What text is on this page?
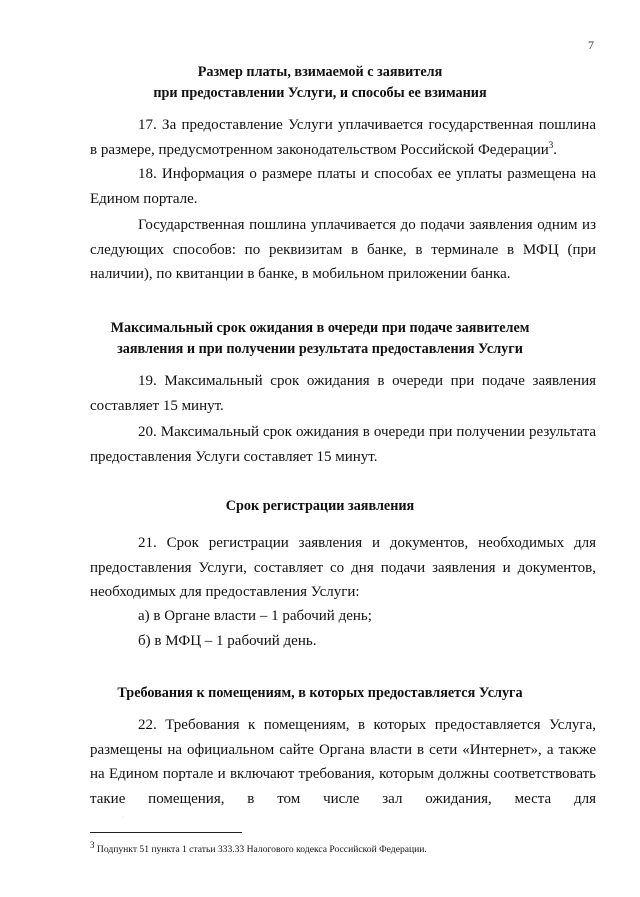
7
Размер платы, взимаемой с заявителя
при предоставлении Услуги, и способы ее взимания

17. За предоставление Услуги уплачивается государственная пошлина в размере, предусмотренном законодательством Российской Федерации$^3$.

18. Информация о размере платы и способах ее уплаты размещена на Едином портале.

Государственная пошлина уплачивается до подачи заявления одним из следующих способов: по реквизитам в банке, в терминале в МФЦ (при наличии), по квитанции в банке, в мобильном приложении банка.

Максимальный срок ожидания в очереди при подаче заявителем
заявления и при получении результата предоставления Услуги

19. Максимальный срок ожидания в очереди при подаче заявления составляет 15 минут.

20. Максимальный срок ожидания в очереди при получении результата предоставления Услуги составляет 15 минут.

Срок регистрации заявления

21. Срок регистрации заявления и документов, необходимых для предоставления Услуги, составляет со дня подачи заявления и документов, необходимых для предоставления Услуги:

а) в Органе власти – 1 рабочий день;

б) в МФЦ – 1 рабочий день.

Требования к помещениям, в которых предоставляется Услуга

22. Требования к помещениям, в которых предоставляется Услуга, размещены на официальном сайте Органа власти в сети «Интернет», а также на Едином портале и включают требования, которым должны соответствовать такие помещения, в том числе зал ожидания, места для

·

$^3$ Подпункт 51 пункта 1 статьи 333.33 Налогового кодекса Российской Федерации.
